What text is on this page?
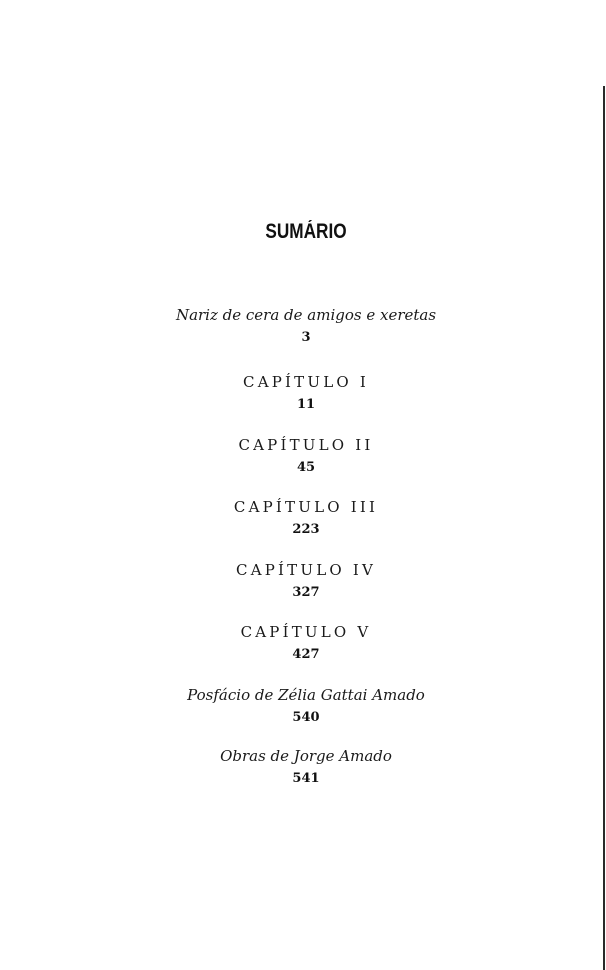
SUMÁRIO
Nariz de cera de amigos e xeretas
3
CAPÍTULO I
11
CAPÍTULO II
45
CAPÍTULO III
223
CAPÍTULO IV
327
CAPÍTULO V
427
Posfácio de Zélia Gattai Amado
540
Obras de Jorge Amado
541
